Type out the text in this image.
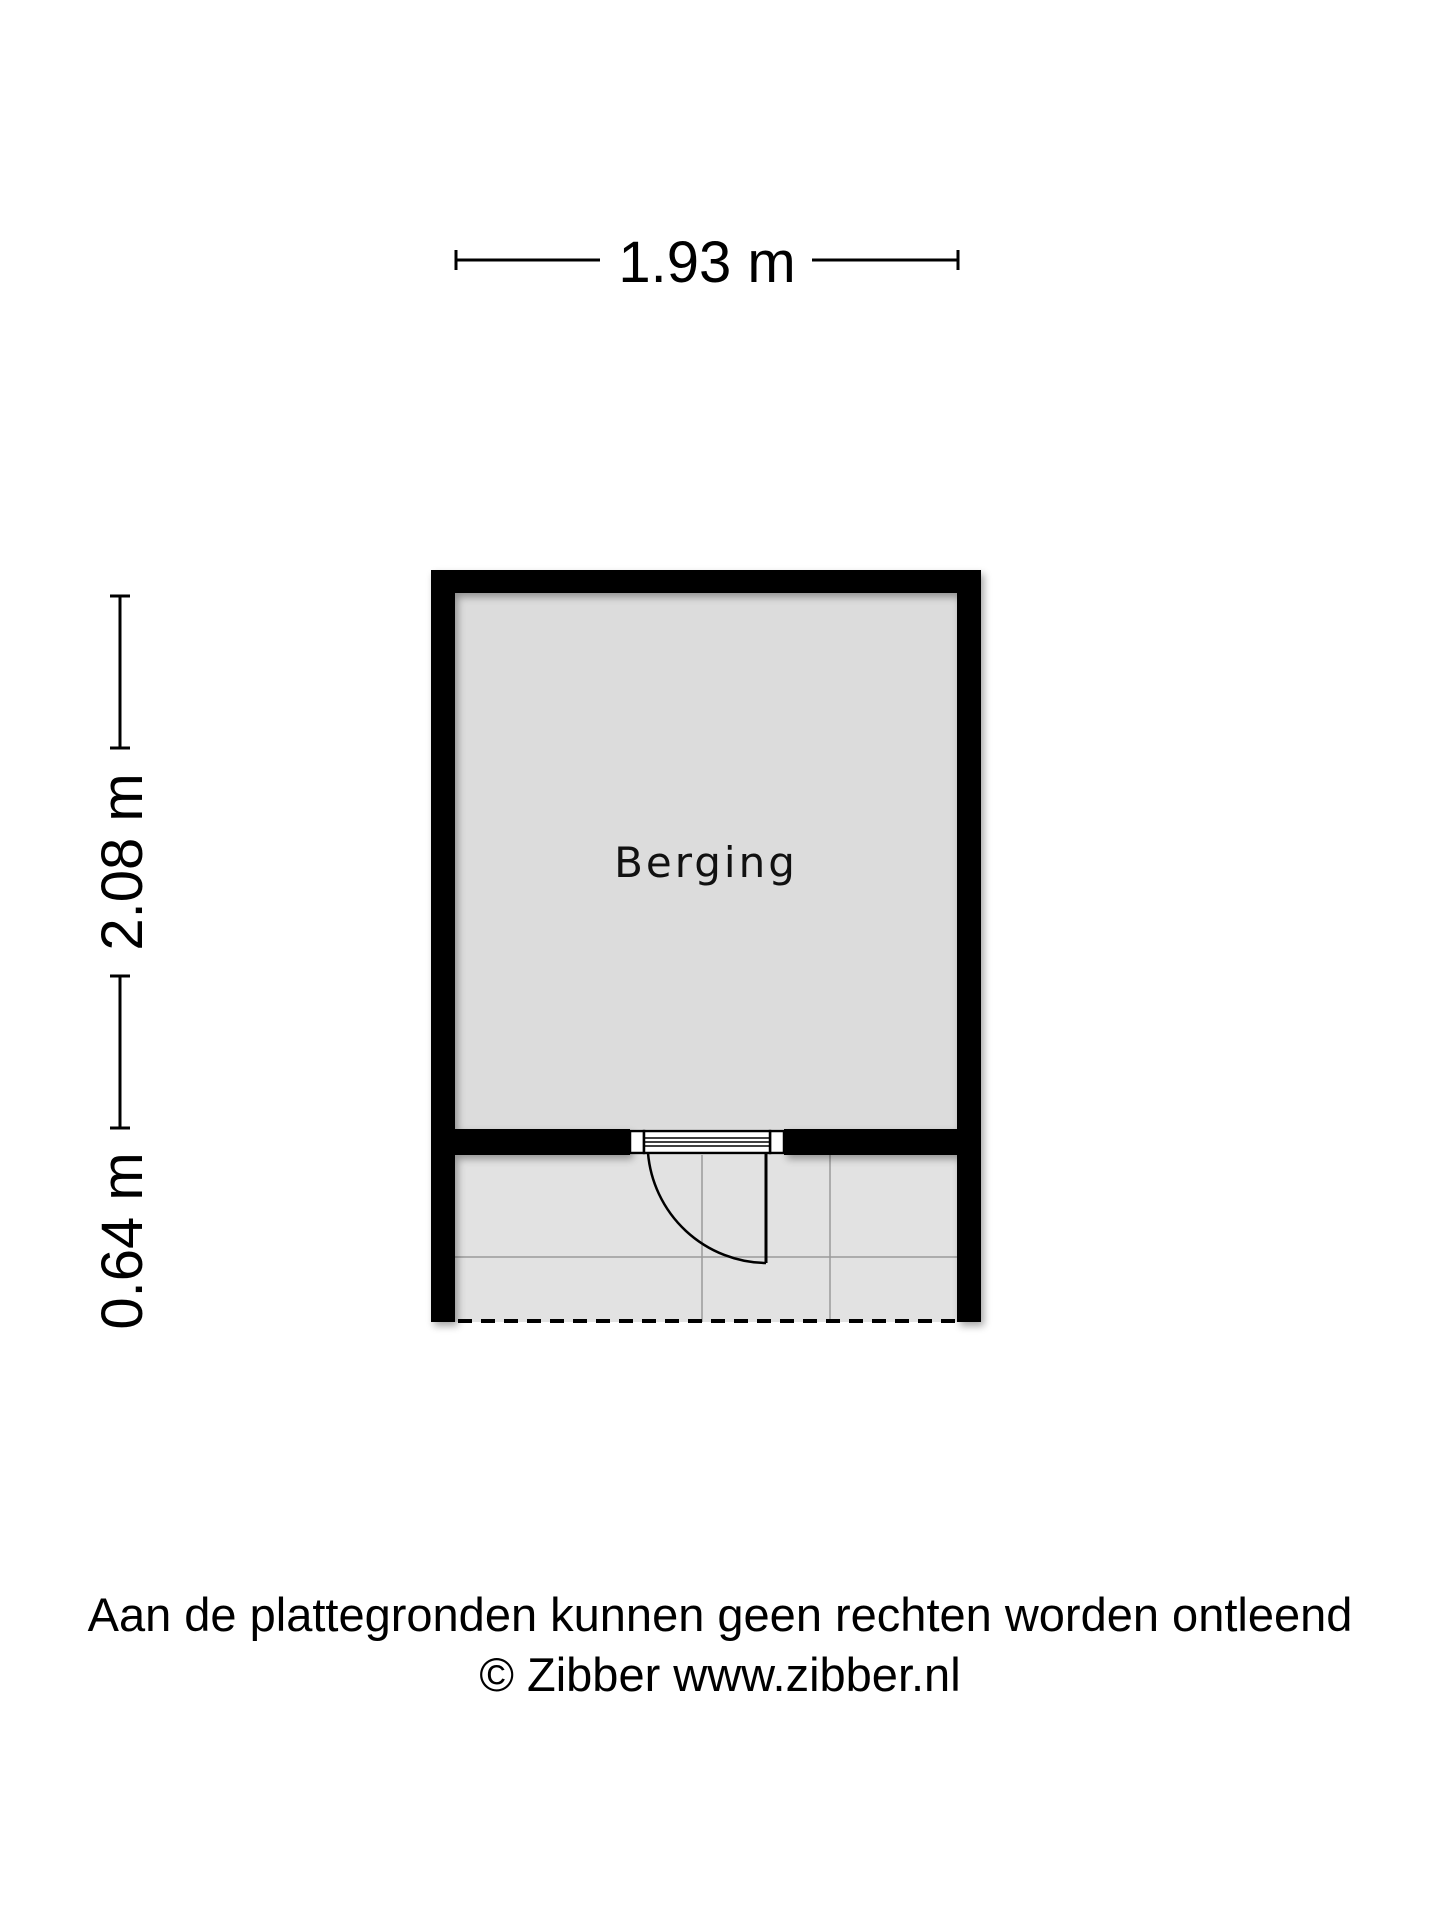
1.93 m
2.08 m
0.64 m
Berging
Aan de plattegronden kunnen geen rechten worden ontleend
© Zibber www.zibber.nl
